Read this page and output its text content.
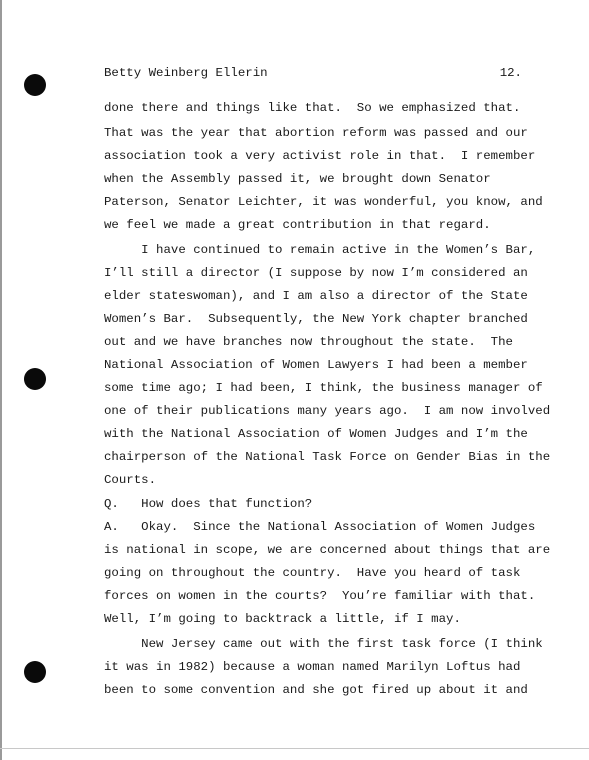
Betty Weinberg Ellerin	12.
done there and things like that.  So we emphasized that.
That was the year that abortion reform was passed and our
association took a very activist role in that.  I remember
when the Assembly passed it, we brought down Senator
Paterson, Senator Leichter, it was wonderful, you know, and
we feel we made a great contribution in that regard.
I have continued to remain active in the Women’s Bar,
I’ll still a director (I suppose by now I’m considered an
elder stateswoman), and I am also a director of the State
Women’s Bar.  Subsequently, the New York chapter branched
out and we have branches now throughout the state.  The
National Association of Women Lawyers I had been a member
some time ago; I had been, I think, the business manager of
one of their publications many years ago.  I am now involved
with the National Association of Women Judges and I’m the
chairperson of the National Task Force on Gender Bias in the
Courts.
Q.   How does that function?
A.   Okay.  Since the National Association of Women Judges
is national in scope, we are concerned about things that are
going on throughout the country.  Have you heard of task
forces on women in the courts?  You’re familiar with that.
Well, I’m going to backtrack a little, if I may.
New Jersey came out with the first task force (I think
it was in 1982) because a woman named Marilyn Loftus had
been to some convention and she got fired up about it and
